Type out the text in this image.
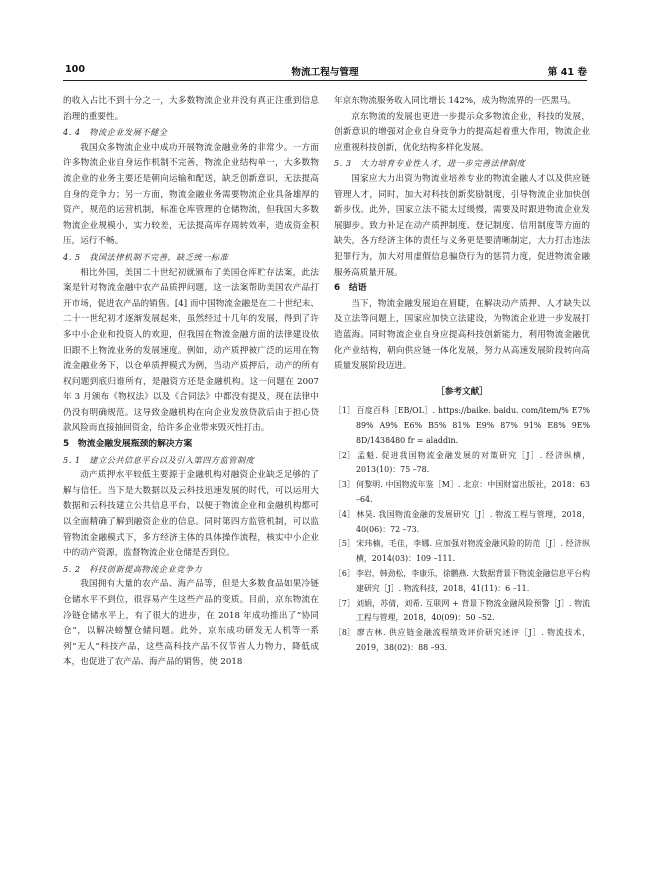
100	物流工程与管理	第 41 卷

的收入占比不到十分之一，大多数物流企业并没有真正注重到信息治理的重要性。

4. 4　物流企业发展不健全

我国众多物流企业中成功开展物流金融业务的非常少。一方面许多物流企业自身运作机制不完善，物流企业结构单一，大多数物流企业的业务主要还是朝向运输和配送，缺乏创新意识，无法提高自身的竞争力；另一方面，物流金融业务需要物流企业具备雄厚的资产，规范的运营机制，标准仓库管理的仓储物流，但我国大多数物流企业规模小，实力较差，无法提高库存周转效率，造成资金积压，运行不畅。

4. 5　我国法律机制不完善，缺乏统一标准

相比外国，美国二十世纪初就颁布了美国仓库贮存法案，此法案是针对物流金融中农产品质押问题，这一法案帮助美国农产品打开市场，促进农产品的销售。[4] 而中国物流金融是在二十世纪末、二十一世纪初才逐渐发展起来，虽然经过十几年的发展，得到了许多中小企业和投资人的欢迎，但我国在物流金融方面的法律建设依旧跟不上物流业务的发展速度。例如，动产质押被广泛的运用在物流金融业务下，以仓单质押模式为例，当动产质押后，动产的所有权问题到底归谁所有，是融资方还是金融机构。这一问题在 2007 年 3 月颁布《物权法》以及《合同法》中都没有提及，现在法律中仍没有明确规范。这导致金融机构在向企业发放贷款后由于担心贷款风险而直接抽回资金，给许多企业带来毁灭性打击。

5　物流金融发展瓶颈的解决方案

5. 1　建立公共信息平台以及引入第四方监管制度

动产质押水平较低主要源于金融机构对融资企业缺乏足够的了解与信任。当下是大数据以及云科技迅速发展的时代，可以运用大数据和云科技建立公共信息平台，以便于物流企业和金融机构都可以全面精确了解到融资企业的信息。同时第四方监管机制，可以监管物流金融模式下，多方经济主体的具体操作流程，核实中小企业中的动产资源，监督物流企业仓储是否到位。

5. 2　科技创新提高物流企业竞争力

我国拥有大量的农产品、海产品等，但是大多数食品如果冷链仓储水平不到位，很容易产生这些产品的变质。目前，京东物流在冷链仓储水平上，有了很大的进步，在 2018 年成功推出了“协同仓”，以解决螃蟹仓储问题。此外，京东成功研发无人机等一系列“无人”科技产品，这些高科技产品不仅节省人力物力，降低成本，也促进了农产品、海产品的销售，使 2018

年京东物流服务收入同比增长 142%，成为物流界的一匹黑马。

京东物流的发展也更进一步提示众多物流企业，科技的发展，创新意识的增强对企业自身竞争力的提高起着重大作用，物流企业应重视科技创新，优化结构多样化发展。

5. 3　大力培育专业性人才，进一步完善法律制度

国家应大力出资为物流业培养专业的物流金融人才以及供应链管理人才，同时，加大对科技创新奖励制度，引导物流企业加快创新步伐。此外，国家立法不能太过缓慢，需要及时跟进物流企业发展脚步。致力补足在动产质押制度、登记制度、信用制度等方面的缺失，各方经济主体的责任与义务更是要清晰制定，大力打击违法犯罪行为，加大对用虚假信息骗贷行为的惩罚力度，促进物流金融服务高质量开展。

6　结语

当下，物流金融发展迫在眉睫，在解决动产质押、人才缺失以及立法等问题上，国家应加快立法建设，为物流企业进一步发展打造蓝海。同时物流企业自身应提高科技创新能力，利用物流金融优化产业结构，朝向供应链一体化发展，努力从高速发展阶段转向高质量发展阶段迈进。

［参考文献］

［1］百度百科［EB/OL］. https://baike. baidu. com/item/% E7% 89% A9% E6% B5% 81% E9% 87% 91% E8% 9E% 8D/1438480 fr = aladdin.

［2］孟魁. 促进我国物流金融发展的对策研究［J］. 经济纵横，2013(10)：75 –78.

［3］何黎明. 中国物流年鉴［M］. 北京：中国财富出版社，2018：63 –64.

［4］林昊. 我国物流金融的发展研究［J］. 物流工程与管理，2018，40(06)：72 –73.

［5］宋玮楠，毛佳，李娜. 应加强对物流金融风险的防范［J］. 经济纵横，2014(03)：109 –111.

［6］李岩，韩劲松，李康乐，徐鹏燕. 大数据背景下物流金融信息平台构建研究［J］. 物流科技，2018，41(11)：6 –11.

［7］刘娟，苏倩，刘希. 互联网 + 背景下物流金融风险预警［J］. 物流工程与管理，2018，40(09)：50 –52.

［8］廖吉林. 供应链金融流程绩效评价研究述评［J］. 物流技术，2019，38(02)：88 –93.
